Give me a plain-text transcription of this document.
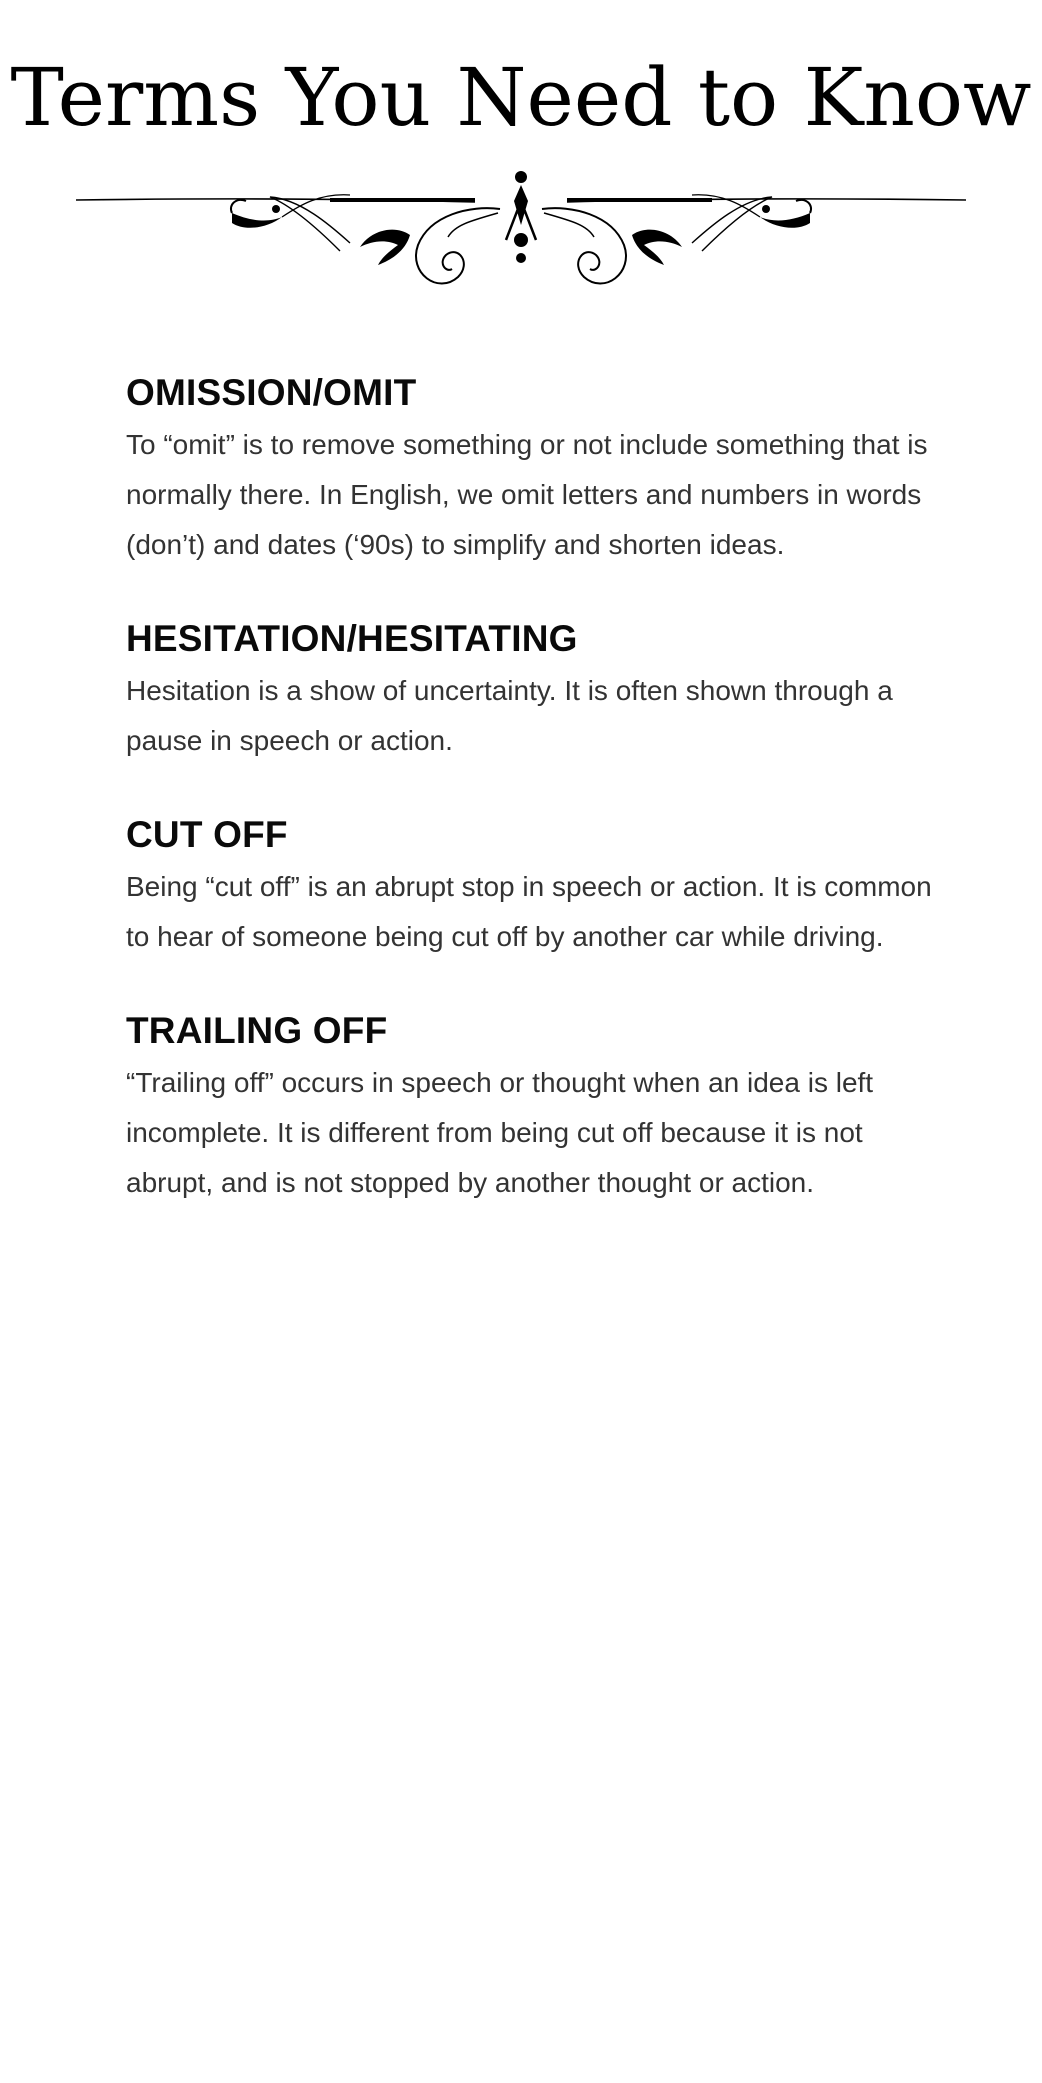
Terms You Need to Know
OMISSION/OMIT

To “omit” is to remove something or not include something that is normally there. In English, we omit letters and numbers in words (don’t) and dates (‘90s) to simplify and shorten ideas.

HESITATION/HESITATING

Hesitation is a show of uncertainty. It is often shown through a pause in speech or action.

CUT OFF

Being “cut off” is an abrupt stop in speech or action. It is common to hear of someone being cut off by another car while driving.

TRAILING OFF

“Trailing off” occurs in speech or thought when an idea is left incomplete. It is different from being cut off because it is not abrupt, and is not stopped by another thought or action.
